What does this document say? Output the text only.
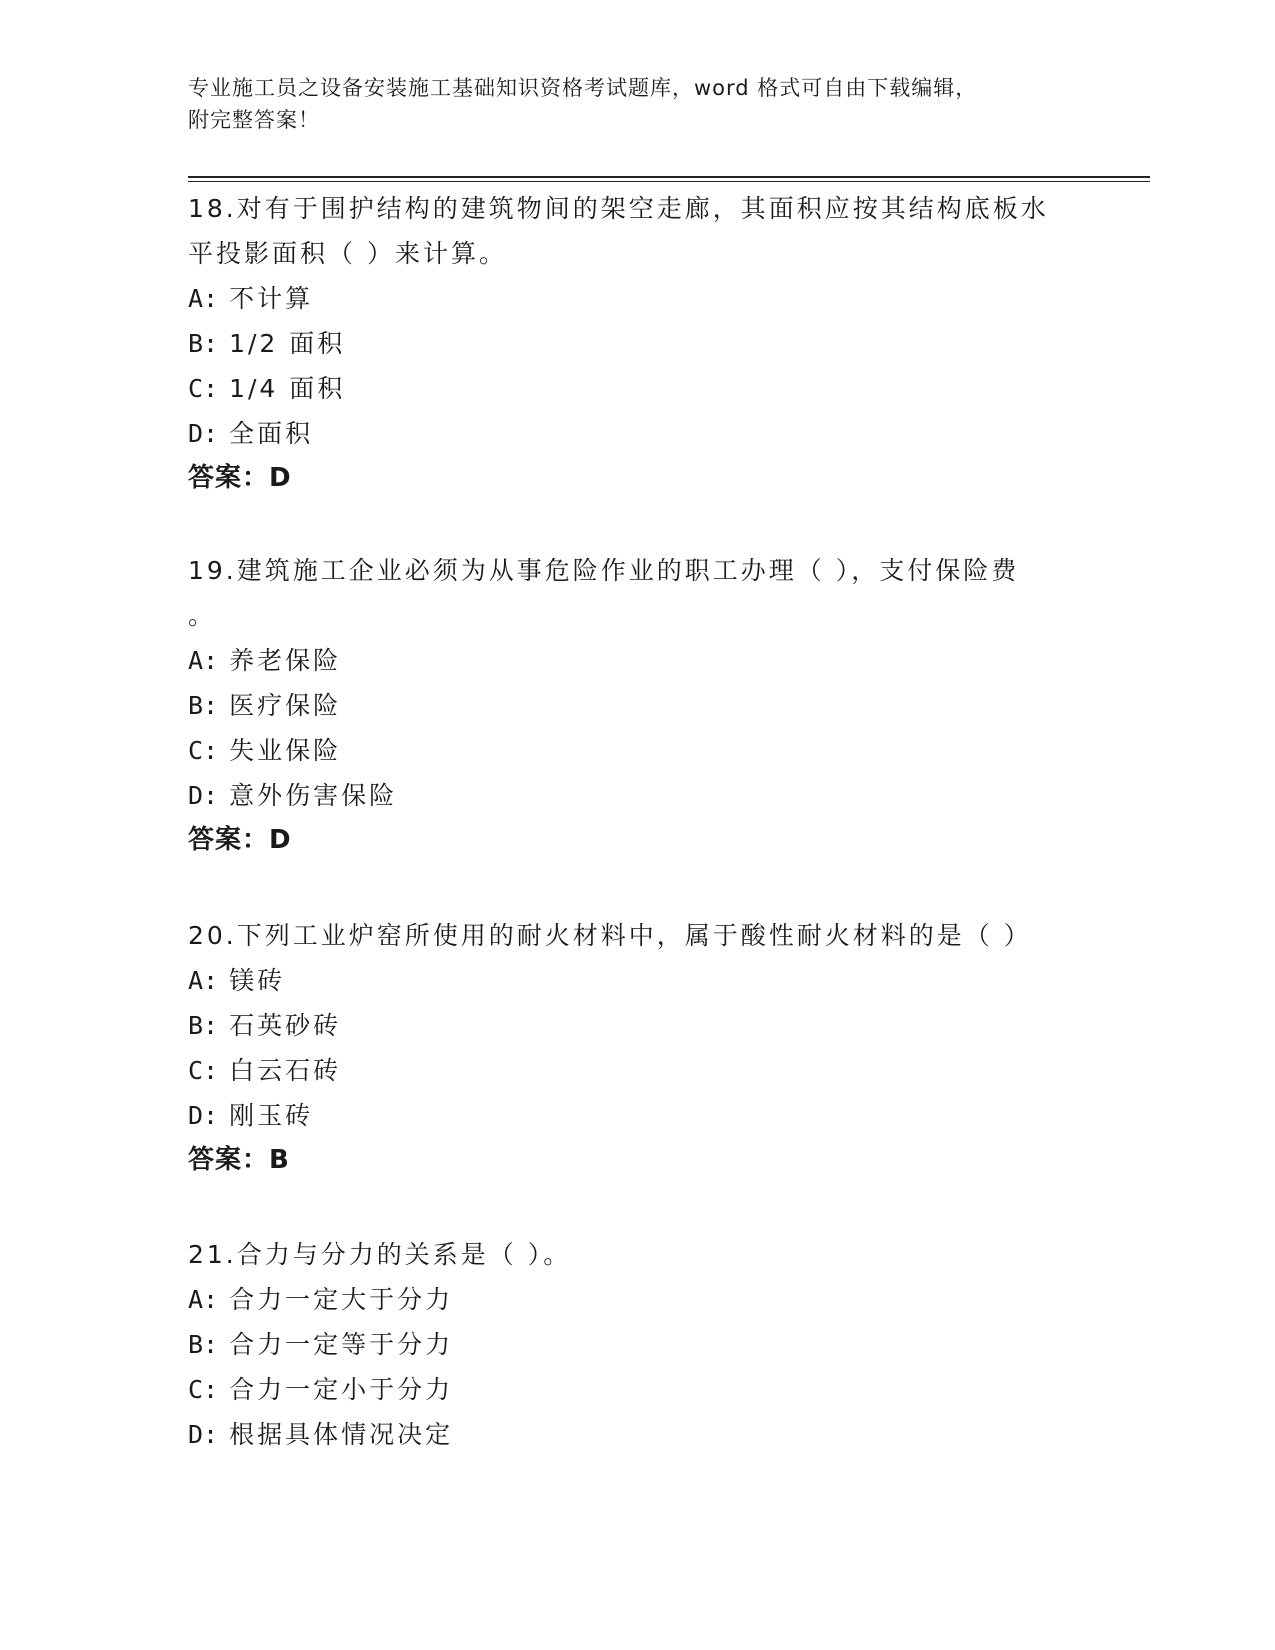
专业施工员之设备安装施工基础知识资格考试题库，word 格式可自由下载编辑，
附完整答案！
18.对有于围护结构的建筑物间的架空走廊，其面积应按其结构底板水
平投影面积（ ）来计算。
A: 不计算
B: 1/2 面积
C: 1/4 面积
D: 全面积
答案：D
19.建筑施工企业必须为从事危险作业的职工办理（ ），支付保险费
。
A: 养老保险
B: 医疗保险
C: 失业保险
D: 意外伤害保险
答案：D
20.下列工业炉窑所使用的耐火材料中，属于酸性耐火材料的是（ ）
A: 镁砖
B: 石英砂砖
C: 白云石砖
D: 刚玉砖
答案：B
21.合力与分力的关系是（ ）。
A: 合力一定大于分力
B: 合力一定等于分力
C: 合力一定小于分力
D: 根据具体情况决定
